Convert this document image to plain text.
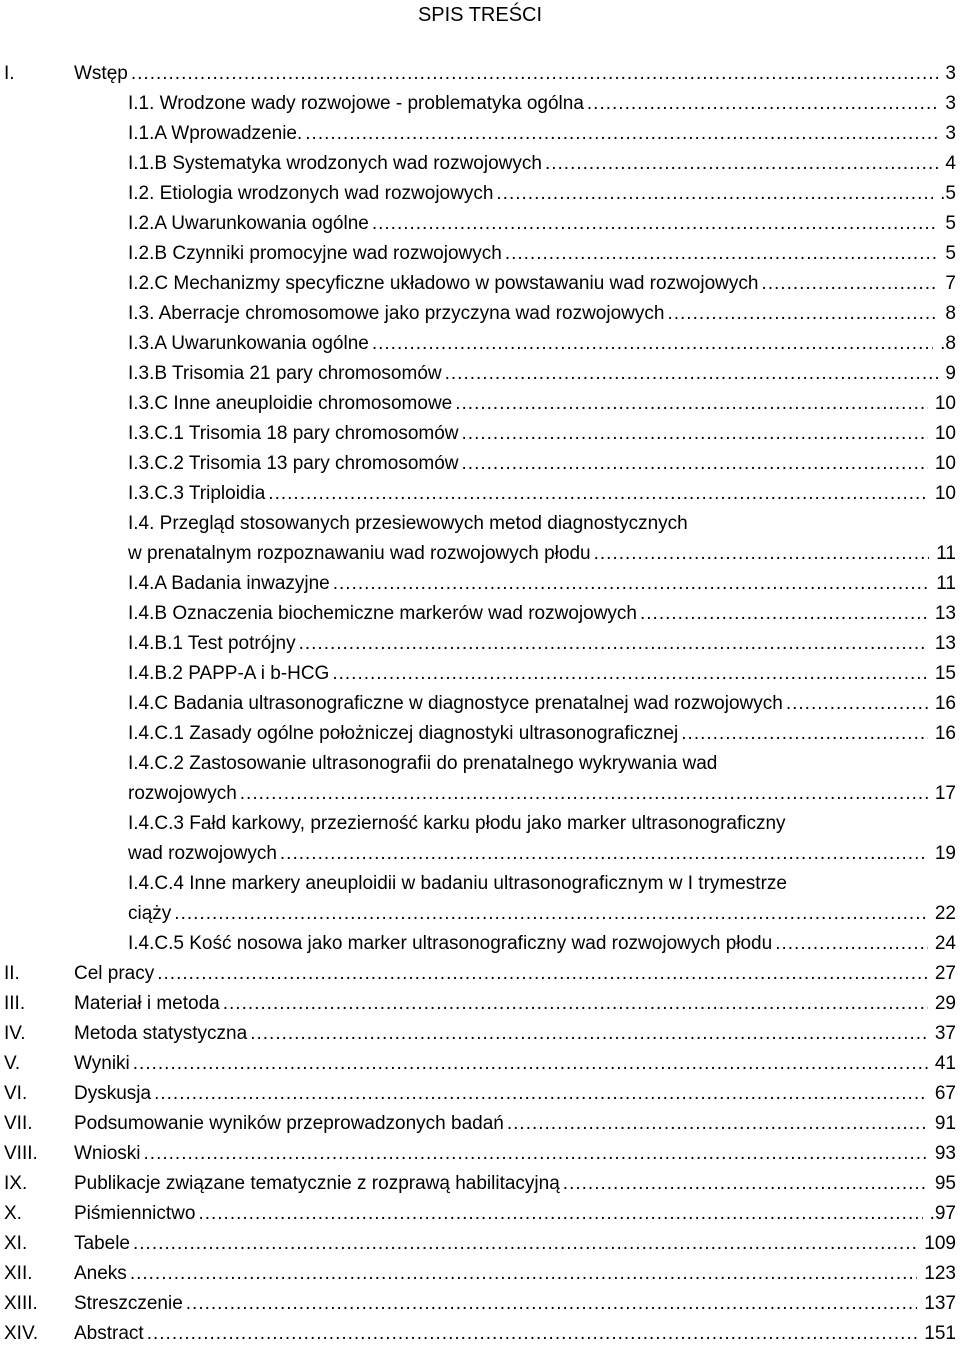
SPIS TREŚCI
I.	Wstęp .....	3
I.1. Wrodzone wady rozwojowe - problematyka ogólna .....	3
I.1.A Wprowadzenie. .....	3
I.1.B Systematyka wrodzonych wad rozwojowych .....	4
I.2. Etiologia wrodzonych wad rozwojowych .....	.5
I.2.A Uwarunkowania ogólne .....	5
I.2.B Czynniki promocyjne wad rozwojowych .....	5
I.2.C Mechanizmy specyficzne układowo w powstawaniu wad rozwojowych .....	7
I.3. Aberracje chromosomowe jako przyczyna wad rozwojowych .....	8
I.3.A Uwarunkowania ogólne .....	.8
I.3.B Trisomia 21 pary chromosomów .....	9
I.3.C Inne aneuploidie chromosomowe .....	10
I.3.C.1 Trisomia 18 pary chromosomów .....	10
I.3.C.2 Trisomia 13 pary chromosomów .....	10
I.3.C.3 Triploidia .....	10
I.4. Przegląd stosowanych przesiewowych metod diagnostycznych
w prenatalnym rozpoznawaniu wad rozwojowych płodu .....	11
I.4.A Badania inwazyjne .....	11
I.4.B Oznaczenia biochemiczne markerów wad rozwojowych .....	13
I.4.B.1 Test potrójny .....	13
I.4.B.2 PAPP-A i b-HCG .....	15
I.4.C Badania ultrasonograficzne w diagnostyce prenatalnej wad rozwojowych .....	16
I.4.C.1 Zasady ogólne położniczej diagnostyki ultrasonograficznej .....	16
I.4.C.2 Zastosowanie ultrasonografii do prenatalnego wykrywania wad
rozwojowych .....	17
I.4.C.3 Fałd karkowy, przezierność karku płodu jako marker ultrasonograficzny
wad rozwojowych .....	19
I.4.C.4 Inne markery aneuploidii w badaniu ultrasonograficznym w I trymestrze
ciąży .....	22
I.4.C.5 Kość nosowa jako marker ultrasonograficzny wad rozwojowych płodu .....	24
II.	Cel pracy .....	27
III.	Materiał i metoda .....	29
IV.	Metoda statystyczna .....	37
V.	Wyniki .....	41
VI. Dyskusja .....	67
VII. Podsumowanie wyników przeprowadzonych badań .....	91
VIII. Wnioski .....	93
IX. Publikacje związane tematycznie z rozprawą habilitacyjną .....	95
X.	Piśmiennictwo .....	.97
XI. Tabele .....	109
XII. Aneks .....	123
XIII. Streszczenie .....	137
XIV. Abstract .....	151
